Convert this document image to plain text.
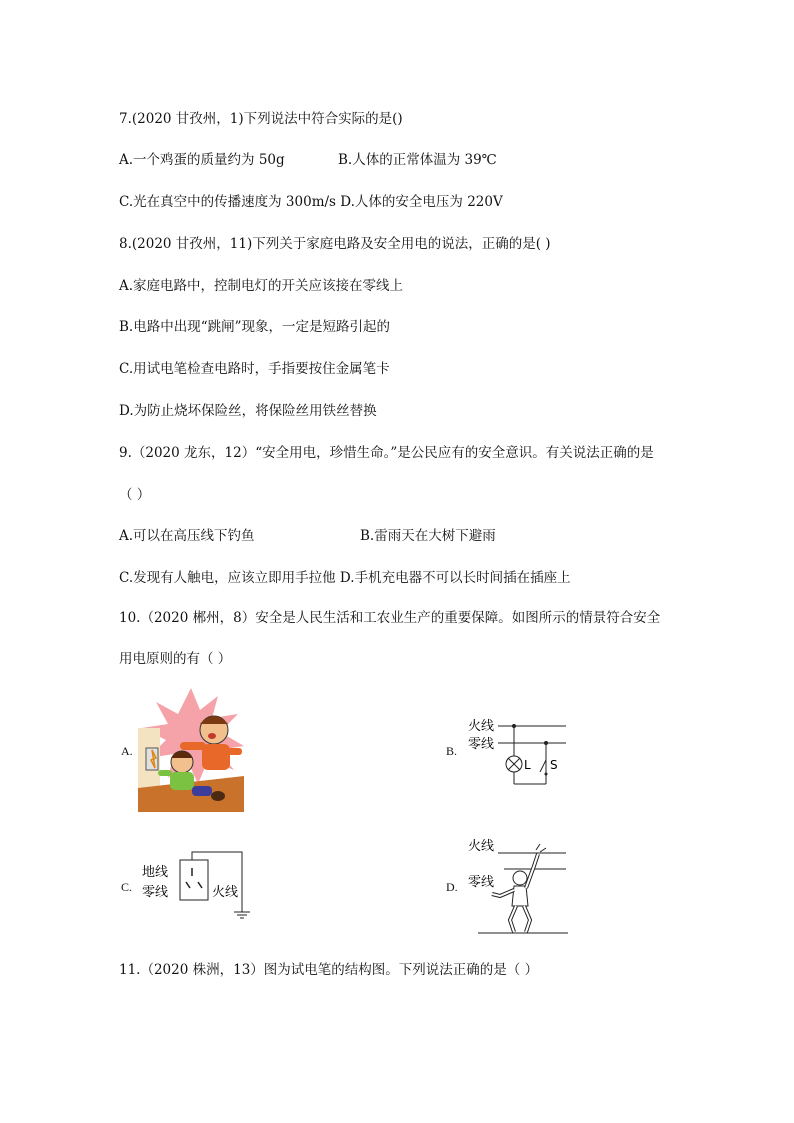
7.(2020 甘孜州，1)下列说法中符合实际的是()
A.一个鸡蛋的质量约为 50g	B.人体的正常体温为 39℃
C.光在真空中的传播速度为 300m/s D.人体的安全电压为 220V
8.(2020 甘孜州，11)下列关于家庭电路及安全用电的说法，正确的是( )
A.家庭电路中，控制电灯的开关应该接在零线上
B.电路中出现“跳闸”现象，一定是短路引起的
C.用试电笔检查电路时，手指要按住金属笔卡
D.为防止烧坏保险丝，将保险丝用铁丝替换
9.（2020 龙东，12）“安全用电，珍惜生命。”是公民应有的安全意识。有关说法正确的是
（ ）
A.可以在高压线下钓鱼	B.雷雨天在大树下避雨
C.发现有人触电，应该立即用手拉他 D.手机充电器不可以长时间插在插座上
10.（2020 郴州，8）安全是人民生活和工农业生产的重要保障。如图所示的情景符合安全
用电原则的有（ ）
A.	B.
火线
零线
L S
C.
地线
零线	火线	D.
火线
零线
11.（2020 株洲，13）图为试电笔的结构图。下列说法正确的是（ ）
